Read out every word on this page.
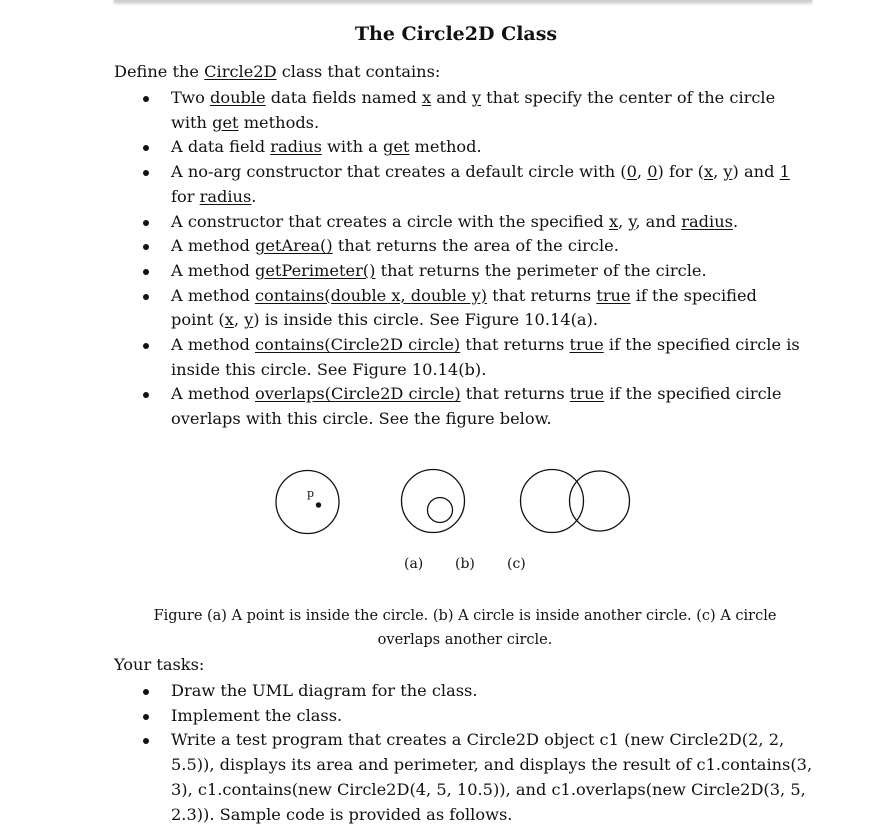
The Circle2D Class
Define the Circle2D class that contains:
Two double data fields named x and y that specify the center of the circle with get methods.
A data field radius with a get method.
A no-arg constructor that creates a default circle with (0, 0) for (x, y) and 1 for radius.
A constructor that creates a circle with the specified x, y, and radius.
A method getArea() that returns the area of the circle.
A method getPerimeter() that returns the perimeter of the circle.
A method contains(double x, double y) that returns true if the specified point (x, y) is inside this circle. See Figure 10.14(a).
A method contains(Circle2D circle) that returns true if the specified circle is inside this circle. See Figure 10.14(b).
A method overlaps(Circle2D circle) that returns true if the specified circle overlaps with this circle. See the figure below.
p
(a) (b) (c)
Figure (a) A point is inside the circle. (b) A circle is inside another circle. (c) A circle overlaps another circle.
Your tasks:
Draw the UML diagram for the class.
Implement the class.
Write a test program that creates a Circle2D object c1 (new Circle2D(2, 2, 5.5)), displays its area and perimeter, and displays the result of c1.contains(3, 3), c1.contains(new Circle2D(4, 5, 10.5)), and c1.overlaps(new Circle2D(3, 5, 2.3)). Sample code is provided as follows.
